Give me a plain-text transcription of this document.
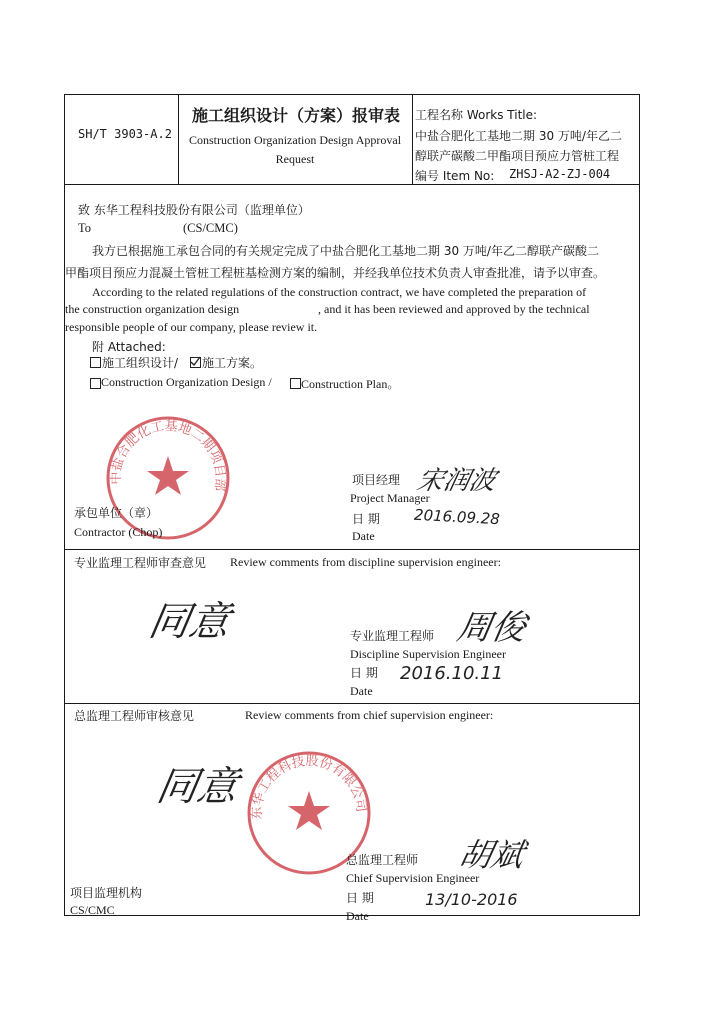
SH/T 3903-A.2
施工组织设计（方案）报审表
Construction Organization Design Approval
Request
工程名称 Works Title:
中盐合肥化工基地二期 30 万吨/年乙二
醇联产碳酸二甲酯项目预应力管桩工程
编号 Item No: ZHSJ-A2-ZJ-004
致 东华工程科技股份有限公司（监理单位）
To	(CS/CMC)
我方已根据施工承包合同的有关规定完成了中盐合肥化工基地二期 30 万吨/年乙二醇联产碳酸二
甲酯项目预应力混凝土管桩工程桩基检测方案的编制，并经我单位技术负责人审查批准，请予以审查。
According to the related regulations of the construction contract, we have completed the preparation of
the construction organization design	, and it has been reviewed and approved by the technical
responsible people of our company, please review it.
附 Attached:
施工组织设计/ 施工方案。
Construction Organization Design / Construction Plan。
中盐合肥化工基地二期项目部	项目经理
Project Manager
宋润波
日 期
Date
2016.09.28
承包单位（章）
Contractor (Chop)
专业监理工程师审查意见 Review comments from discipline supervision engineer:
同意	专业监理工程师
Discipline Supervision Engineer
周俊
日 期
Date
2016.10.11
总监理工程师审核意见	Review comments from chief supervision engineer:
同意
东华工程科技股份有限公司
总监理工程师
Chief Supervision Engineer
胡斌
日 期
Date
13/10-2016
项目监理机构
CS/CMC
